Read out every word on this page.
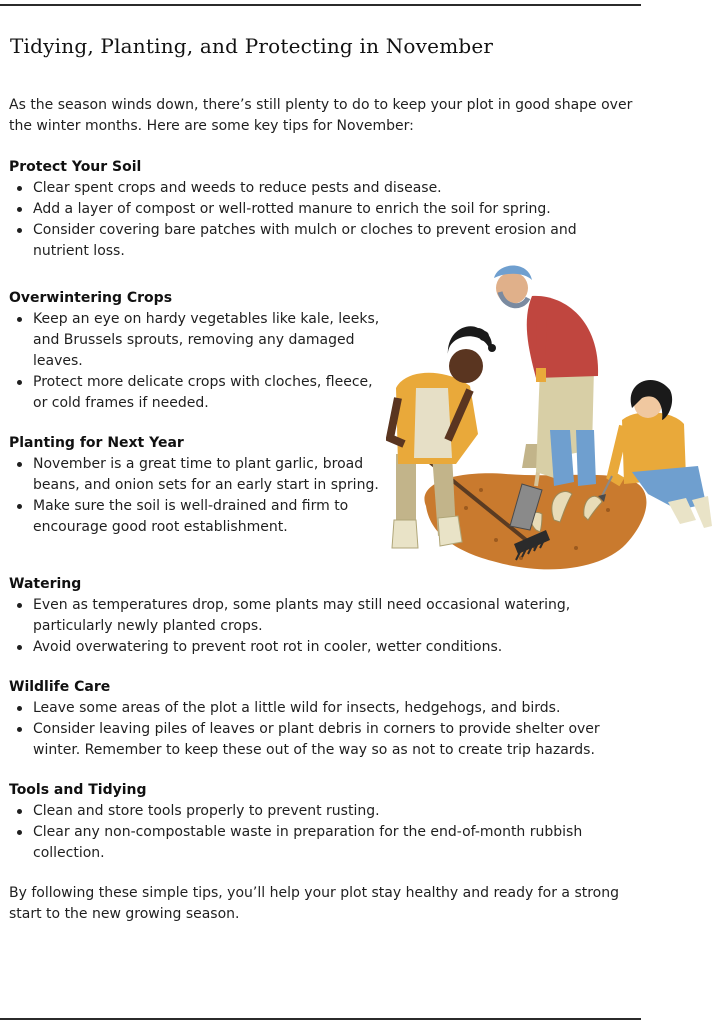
Tidying, Planting, and Protecting in November

As the season winds down, there’s still plenty to do to keep your plot in good shape over the winter months. Here are some key tips for November:

Protect Your Soil
Clear spent crops and weeds to reduce pests and disease.
Add a layer of compost or well-rotted manure to enrich the soil for spring.
Consider covering bare patches with mulch or cloches to prevent erosion and nutrient loss.
Overwintering Crops
Keep an eye on hardy vegetables like kale, leeks, and Brussels sprouts, removing any damaged leaves.
Protect more delicate crops with cloches, fleece, or cold frames if needed.
Planting for Next Year
November is a great time to plant garlic, broad beans, and onion sets for an early start in spring.
Make sure the soil is well-drained and firm to encourage good root establishment.
Watering
Even as temperatures drop, some plants may still need occasional watering, particularly newly planted crops.
Avoid overwatering to prevent root rot in cooler, wetter conditions.
Wildlife Care
Leave some areas of the plot a little wild for insects, hedgehogs, and birds.
Consider leaving piles of leaves or plant debris in corners to provide shelter over winter. Remember to keep these out of the way so as not to create trip hazards.
Tools and Tidying
Clean and store tools properly to prevent rusting.
Clear any non-compostable waste in preparation for the end-of-month rubbish collection.

By following these simple tips, you’ll help your plot stay healthy and ready for a strong start to the new growing season.
